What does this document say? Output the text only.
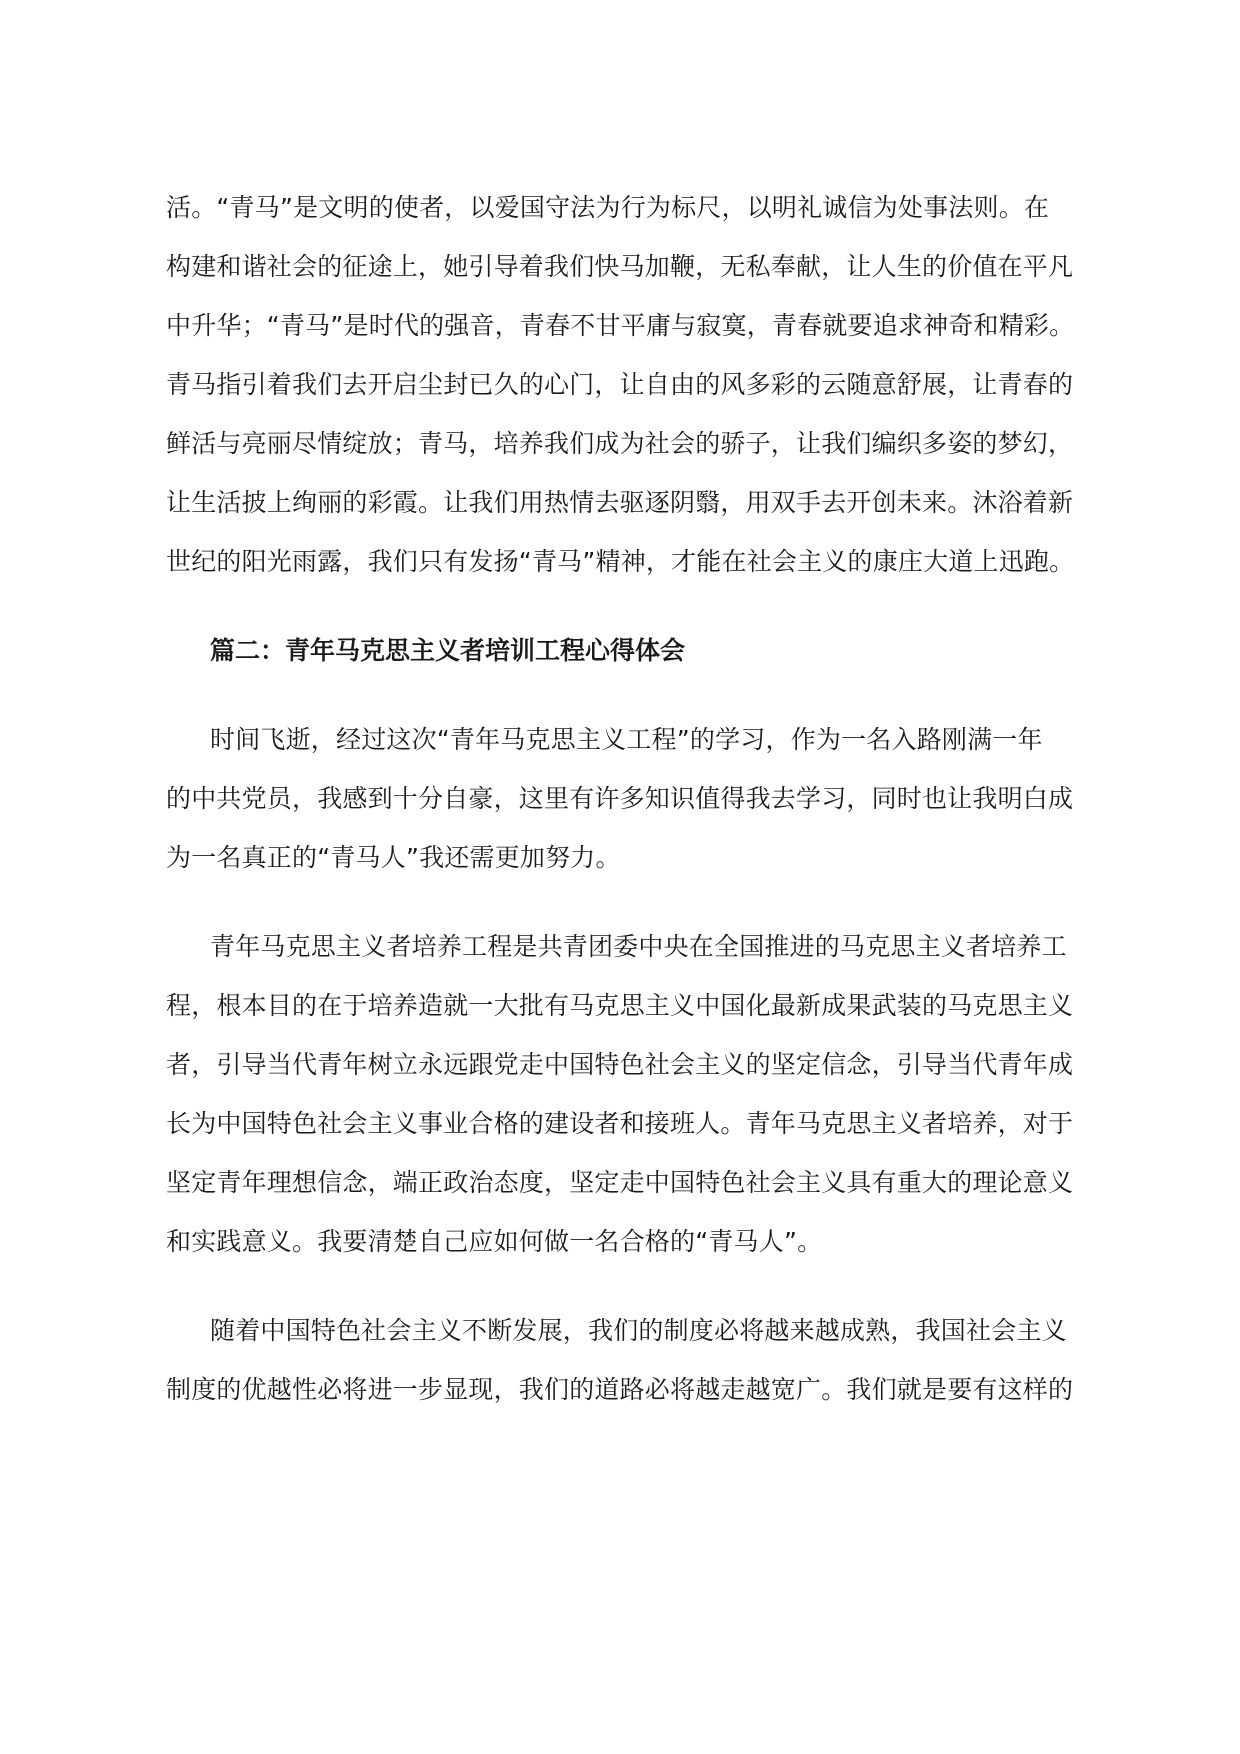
活。“青马”是文明的使者，以爱国守法为行为标尺，以明礼诚信为处事法则。在
构建和谐社会的征途上，她引导着我们快马加鞭，无私奉献，让人生的价值在平凡
中升华；“青马”是时代的强音，青春不甘平庸与寂寞，青春就要追求神奇和精彩。
青马指引着我们去开启尘封已久的心门，让自由的风多彩的云随意舒展，让青春的
鲜活与亮丽尽情绽放；青马，培养我们成为社会的骄子，让我们编织多姿的梦幻，
让生活披上绚丽的彩霞。让我们用热情去驱逐阴翳，用双手去开创未来。沐浴着新
世纪的阳光雨露，我们只有发扬“青马”精神，才能在社会主义的康庄大道上迅跑。
篇二：青年马克思主义者培训工程心得体会
时间飞逝，经过这次“青年马克思主义工程”的学习，作为一名入路刚满一年
的中共党员，我感到十分自豪，这里有许多知识值得我去学习，同时也让我明白成
为一名真正的“青马人”我还需更加努力。
青年马克思主义者培养工程是共青团委中央在全国推进的马克思主义者培养工
程，根本目的在于培养造就一大批有马克思主义中国化最新成果武装的马克思主义
者，引导当代青年树立永远跟党走中国特色社会主义的坚定信念，引导当代青年成
长为中国特色社会主义事业合格的建设者和接班人。青年马克思主义者培养，对于
坚定青年理想信念，端正政治态度，坚定走中国特色社会主义具有重大的理论意义
和实践意义。我要清楚自己应如何做一名合格的“青马人”。
随着中国特色社会主义不断发展，我们的制度必将越来越成熟，我国社会主义
制度的优越性必将进一步显现，我们的道路必将越走越宽广。我们就是要有这样的
